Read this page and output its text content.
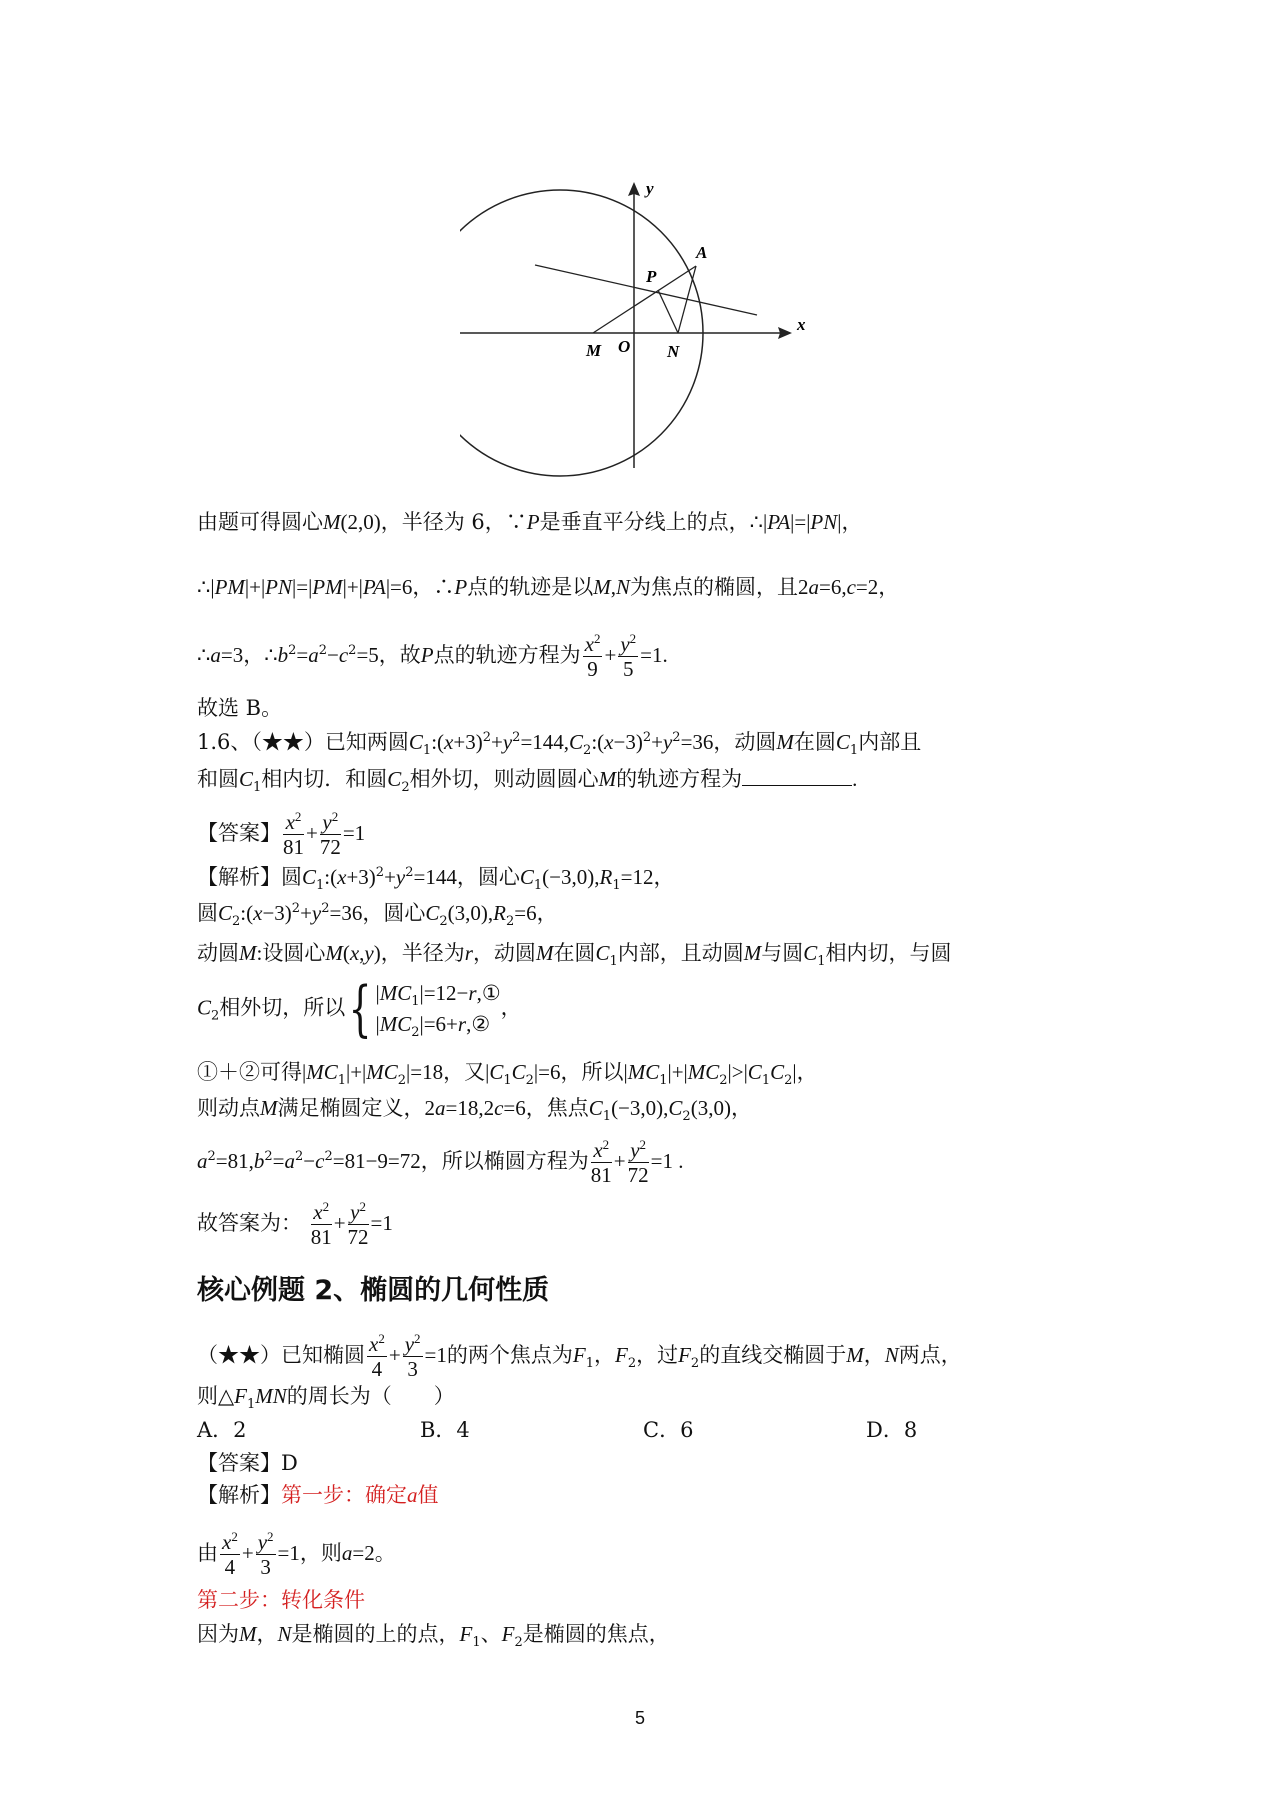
y
x
A
P
M O N
由题可得圆心M(2,0)，半径为 6，∵P是垂直平分线上的点，∴|PA|=|PN|，
∴|PM|+|PN|=|PM|+|PA|=6，∴P点的轨迹是以M,N为焦点的椭圆，且2a=6,c=2，
∴a=3，$\therefore b^2=a^2-c^2=5$，故P点的轨迹方程为 $\frac{x^2}{9} + \frac{y^2}{5} =1$.
故选 B。
1.6、（★★）已知两圆$C_1:(x+3)^2+y^2=144,C_2:(x-3)^2+y^2=36$，动圆M在圆$C_1$内部且
和圆$C_1$相内切．和圆$C_2$相外切，则动圆圆心M的轨迹方程为	.
【答案】 $\frac{x^2}{81} + \frac{y^2}{72} =1$
【解析】圆$C_1:(x+3)^2+y^2=144$，圆心$C_1(-3,0),R_1=12$，
圆$C_2:(x-3)^2+y^2=36$，圆心$C_2(3,0),R_2=6$，
动圆M:设圆心M(x,y)，半径为r，动圆M在圆$C_1$内部，且动圆M与圆$C_1$相内切，与圆
$C_2$相外切，所以{ $|MC_1|=12-r,①$
$|MC_2|=6+r,②$，
①＋②可得$|MC_1|+|MC_2|=18$，又$|C_1C_2|=6$，所以$|MC_1|+|MC_2|>|C_1C_2|$，
则动点M满足椭圆定义，2a=18,2c=6，焦点$C_1(-3,0),C_2(3,0)$，
$a^2=81,b^2=a^2-c^2=81-9=72$，所以椭圆方程为 $\frac{x^2}{81} + \frac{y^2}{72} =1$ .
故答案为： $\frac{x^2}{81} + \frac{y^2}{72} =1$
核心例题 2、椭圆的几何性质
（★★）已知椭圆 $\frac{x^2}{4} + \frac{y^2}{3} =1$的两个焦点为$F_1$，$F_2$，过$F_2$的直线交椭圆于M，N两点，
则$\triangle F_1MN$的周长为（　　）
A．2	B．4	C．6	D．8
【答案】D
【解析】第一步：确定a值
由 $\frac{x^2}{4} + \frac{y^2}{3} =1$，则a=2。
第二步：转化条件
因为M，N是椭圆的上的点，$F_1$、$F_2$是椭圆的焦点，
5
